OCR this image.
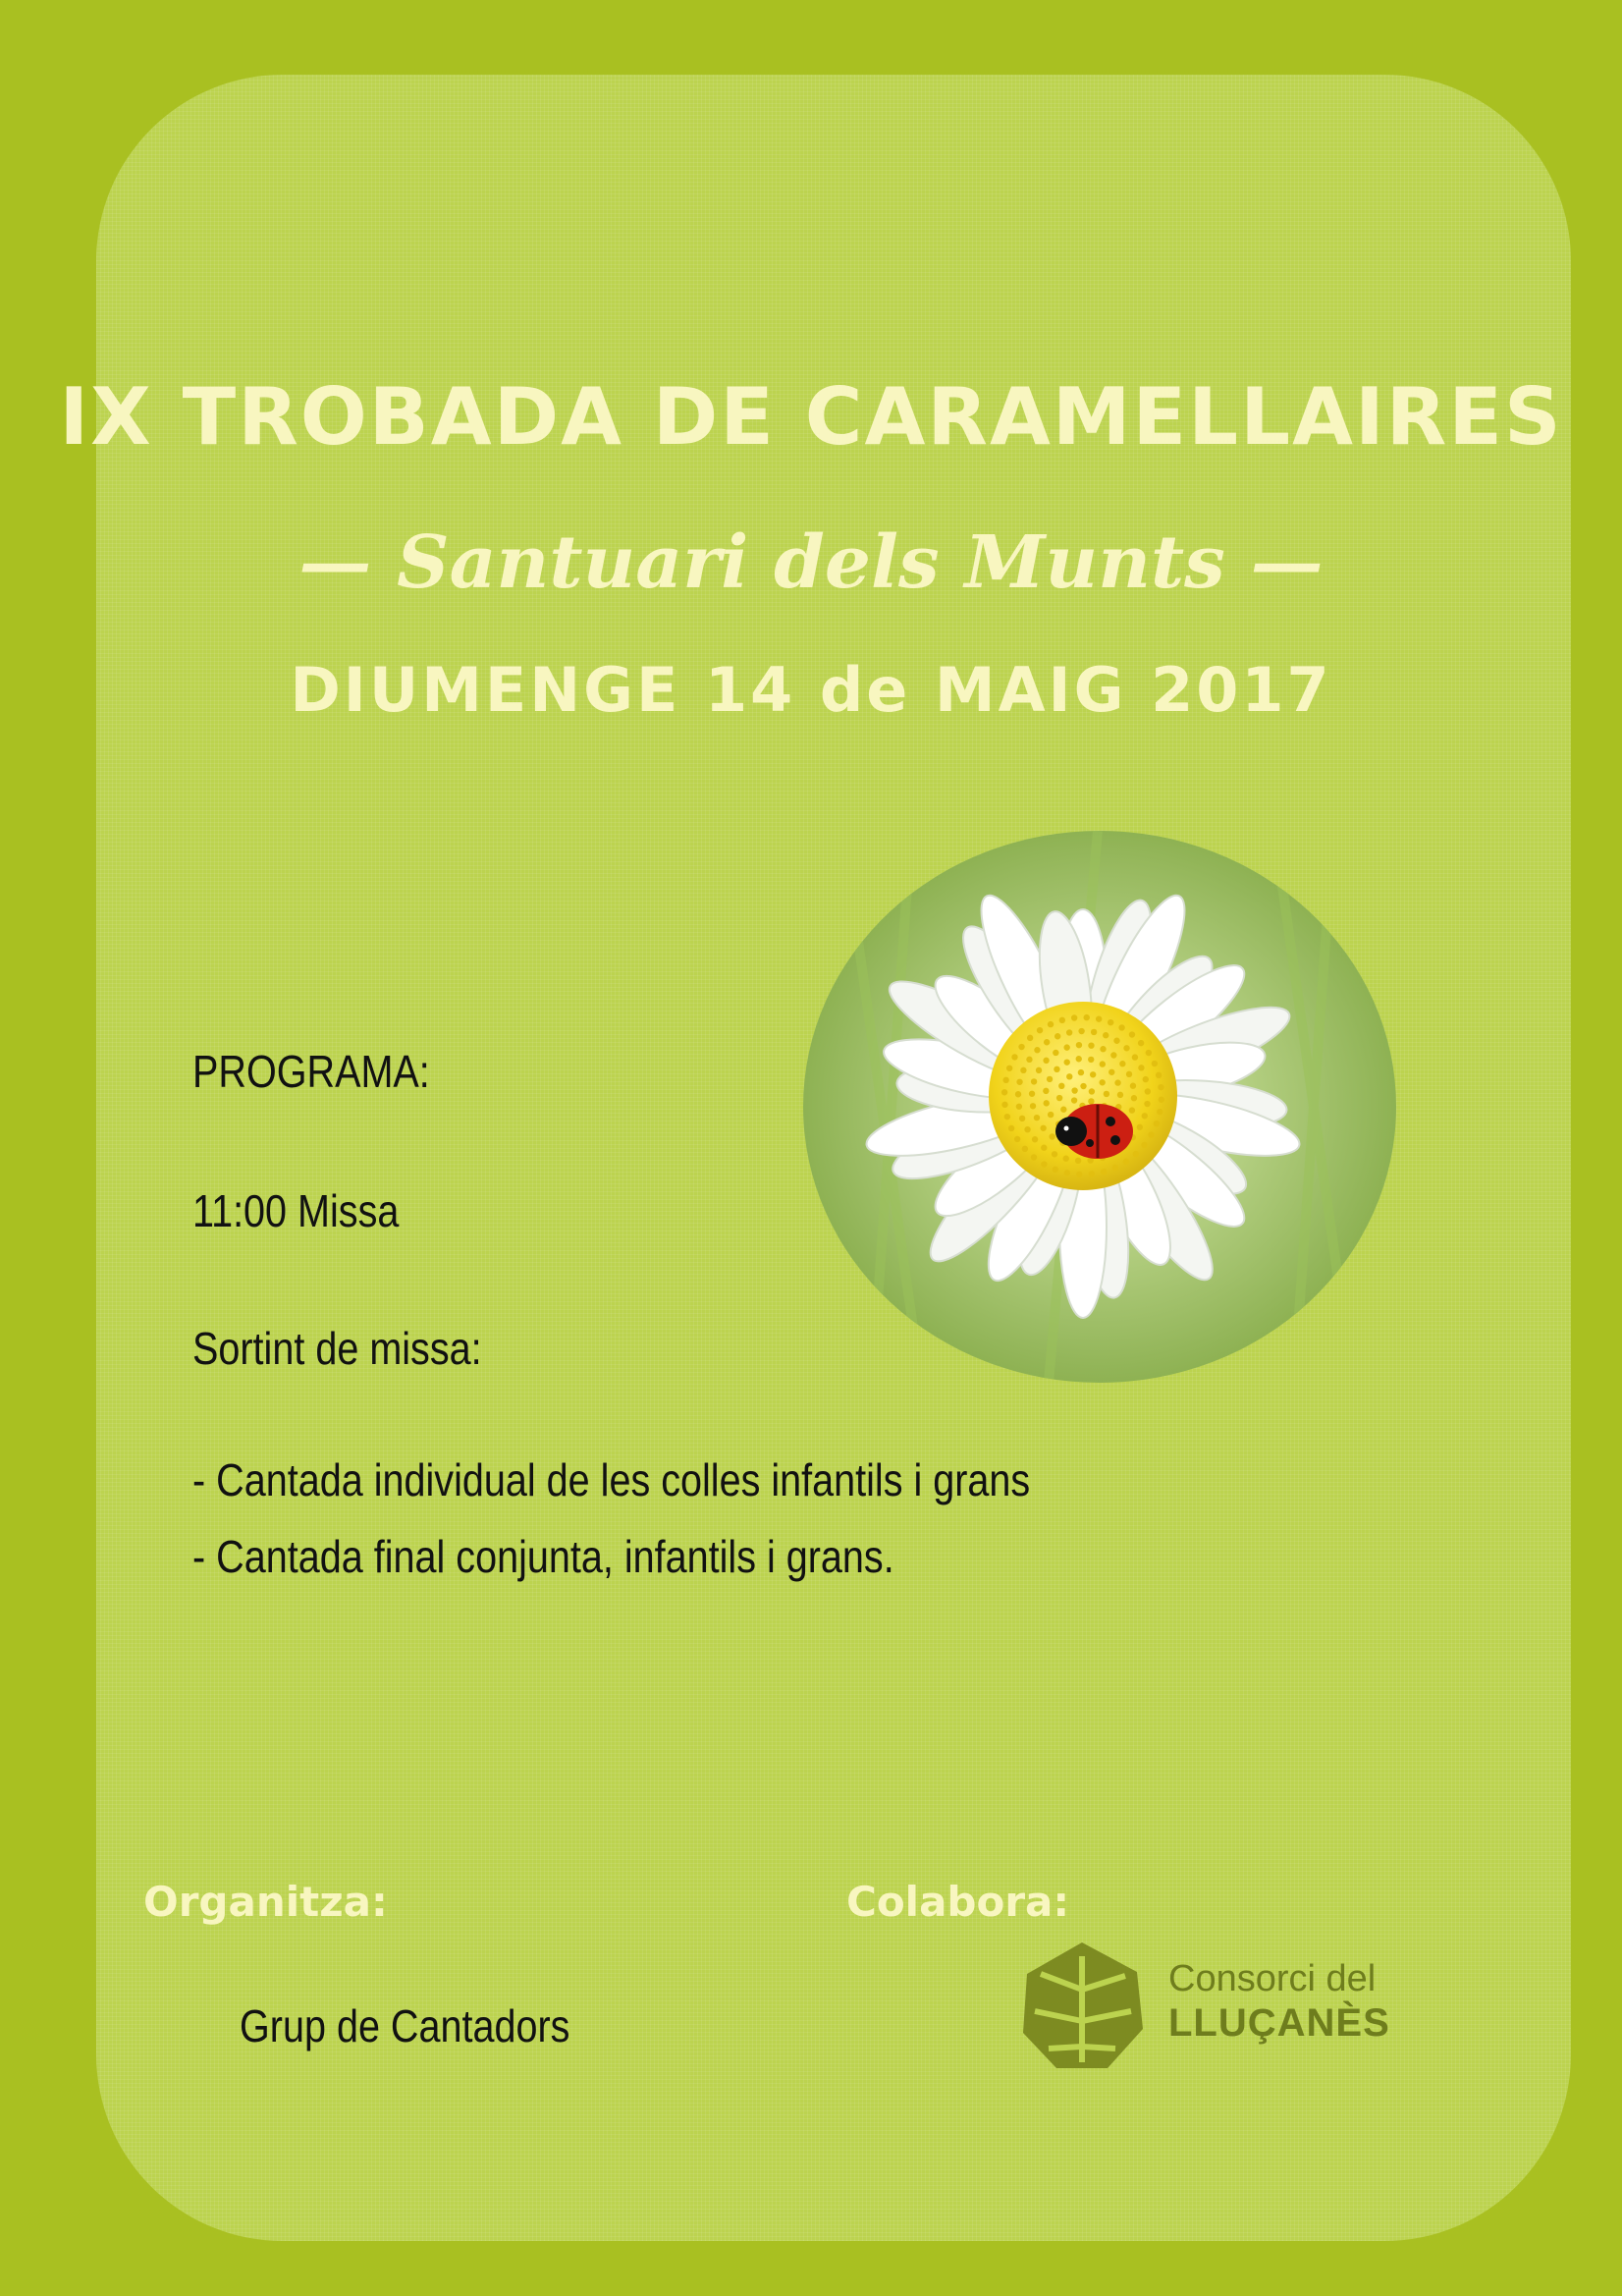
IX TROBADA DE CARAMELLAIRES
— Santuari dels Munts —
DIUMENGE 14 de MAIG 2017

PROGRAMA:

11:00 Missa

Sortint de missa:

- Cantada individual de les colles infantils i grans

- Cantada final conjunta, infantils i grans.

Organitza:

Grup de Cantadors

Colabora:

Consorci del

LLUÇANÈS
